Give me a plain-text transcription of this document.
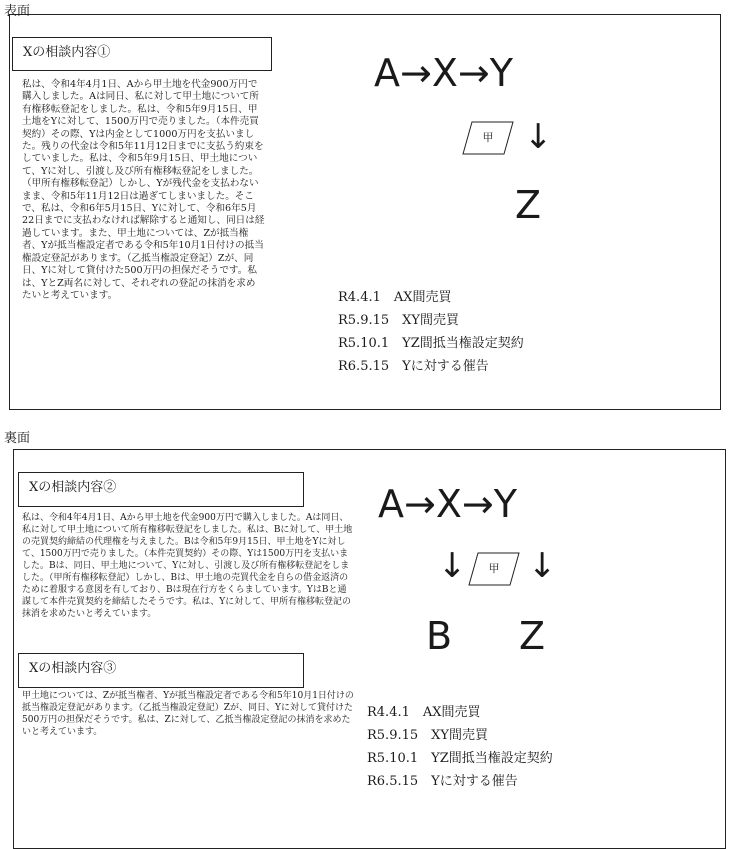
表面
Xの相談内容①
私は、令和4年4月1日、Aから甲土地を代金900万円で購入しました。Aは同日、私に対して甲土地について所有権移転登記をしました。私は、令和5年9月15日、甲土地をYに対して、1500万円で売りました。（本件売買契約）その際、Yは内金として1000万円を支払いました。残りの代金は令和5年11月12日までに支払う約束をしていました。私は、令和5年9月15日、甲土地について、Yに対し、引渡し及び所有権移転登記をしました。（甲所有権移転登記）しかし、Yが残代金を支払わないまま、令和5年11月12日は過ぎてしまいました。そこで、私は、令和6年5月15日、Yに対して、令和6年5月22日までに支払わなければ解除すると通知し、同日は経過しています。また、甲土地については、Zが抵当権者、Yが抵当権設定者である令和5年10月1日付けの抵当権設定登記があります。（乙抵当権設定登記）Zが、同日、Yに対して貸付けた500万円の担保だそうです。私は、YとZ両名に対して、それぞれの登記の抹消を求めたいと考えています。
A→X→Y
甲 ↓
Z
R4.4.1　AX間売買
R5.9.15　XY間売買
R5.10.1　YZ間抵当権設定契約
R6.5.15　Yに対する催告
裏面
Xの相談内容②
私は、令和4年4月1日、Aから甲土地を代金900万円で購入しました。Aは同日、私に対して甲土地について所有権移転登記をしました。私は、Bに対して、甲土地の売買契約締結の代理権を与えました。Bは令和5年9月15日、甲土地をYに対して、1500万円で売りました。（本件売買契約）その際、Yは1500万円を支払いました。Bは、同日、甲土地について、Yに対し、引渡し及び所有権移転登記をしました。（甲所有権移転登記）しかし、Bは、甲土地の売買代金を自らの借金返済のために着服する意図を有しており、Bは現在行方をくらましています。YはBと通謀して本件売買契約を締結したそうです。私は、Yに対して、甲所有権移転登記の抹消を求めたいと考えています。
Xの相談内容③
甲土地については、Zが抵当権者、Yが抵当権設定者である令和5年10月1日付けの抵当権設定登記があります。（乙抵当権設定登記）Zが、同日、Yに対して貸付けた500万円の担保だそうです。私は、Zに対して、乙抵当権設定登記の抹消を求めたいと考えています。
A→X→Y
↓	甲 ↓
B Z
R4.4.1　AX間売買
R5.9.15　XY間売買
R5.10.1　YZ間抵当権設定契約
R6.5.15　Yに対する催告
